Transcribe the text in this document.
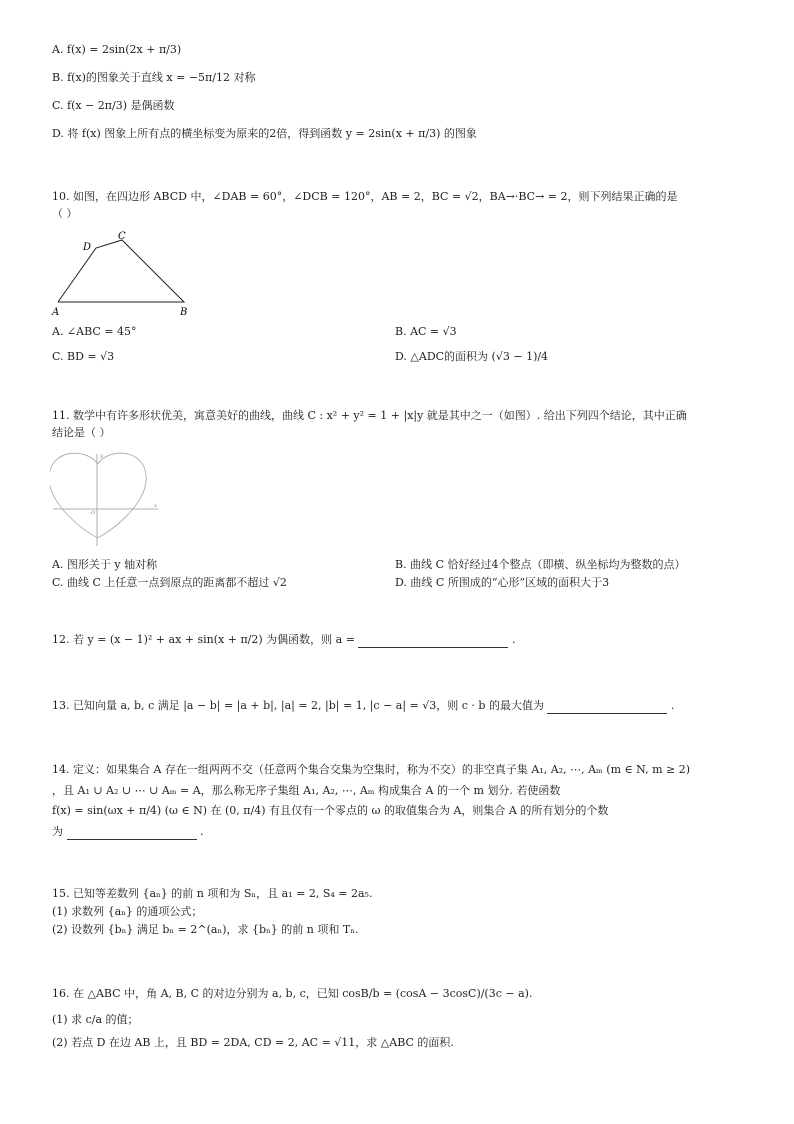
A. f(x) = 2sin(2x + π/3)
B. f(x)的图象关于直线 x = −5π/12 对称
C. f(x − 2π/3) 是偶函数
D. 将 f(x) 图象上所有点的横坐标变为原来的2倍，得到函数 y = 2sin(x + π/3) 的图象
10. 如图，在四边形 ABCD 中，∠DAB = 60°，∠DCB = 120°，AB = 2，BC = √2，BA→·BC→ = 2，则下列结果正确的是
（ ）
A	B
C
D
A. ∠ABC = 45°	B. AC = √3
C. BD = √3	D. △ADC的面积为 (√3 − 1)/4
11. 数学中有许多形状优美，寓意美好的曲线，曲线 C : x² + y² = 1 + |x|y 就是其中之一（如图）. 给出下列四个结论，其中正确
结论是（ ）
y
x
O
A. 图形关于 y 轴对称	B. 曲线 C 恰好经过4个整点（即横、纵坐标均为整数的点）
C. 曲线 C 上任意一点到原点的距离都不超过 √2	D. 曲线 C 所围成的“心形”区域的面积大于3
12. 若 y = (x − 1)² + ax + sin(x + π/2) 为偶函数，则 a =	.
13. 已知向量 a, b, c 满足 |a − b| = |a + b|, |a| = 2, |b| = 1, |c − a| = √3，则 c · b 的最大值为	.
14. 定义：如果集合 A 存在一组两两不交（任意两个集合交集为空集时，称为不交）的非空真子集 A₁, A₂, ⋯, Aₘ (m ∈ N, m ≥ 2)
，且 A₁ ∪ A₂ ∪ ⋯ ∪ Aₘ = A，那么称无序子集组 A₁, A₂, ⋯, Aₘ 构成集合 A 的一个 m 划分. 若使函数
f(x) = sin(ωx + π/4) (ω ∈ N) 在 (0, π/4) 有且仅有一个零点的 ω 的取值集合为 A，则集合 A 的所有划分的个数
为	.
15. 已知等差数列 {aₙ} 的前 n 项和为 Sₙ，且 a₁ = 2, S₄ = 2a₅.
(1) 求数列 {aₙ} 的通项公式；
(2) 设数列 {bₙ} 满足 bₙ = 2^(aₙ)，求 {bₙ} 的前 n 项和 Tₙ.
16. 在 △ABC 中，角 A, B, C 的对边分别为 a, b, c，已知 cosB/b = (cosA − 3cosC)/(3c − a).
(1) 求 c/a 的值；
(2) 若点 D 在边 AB 上，且 BD = 2DA, CD = 2, AC = √11，求 △ABC 的面积.
